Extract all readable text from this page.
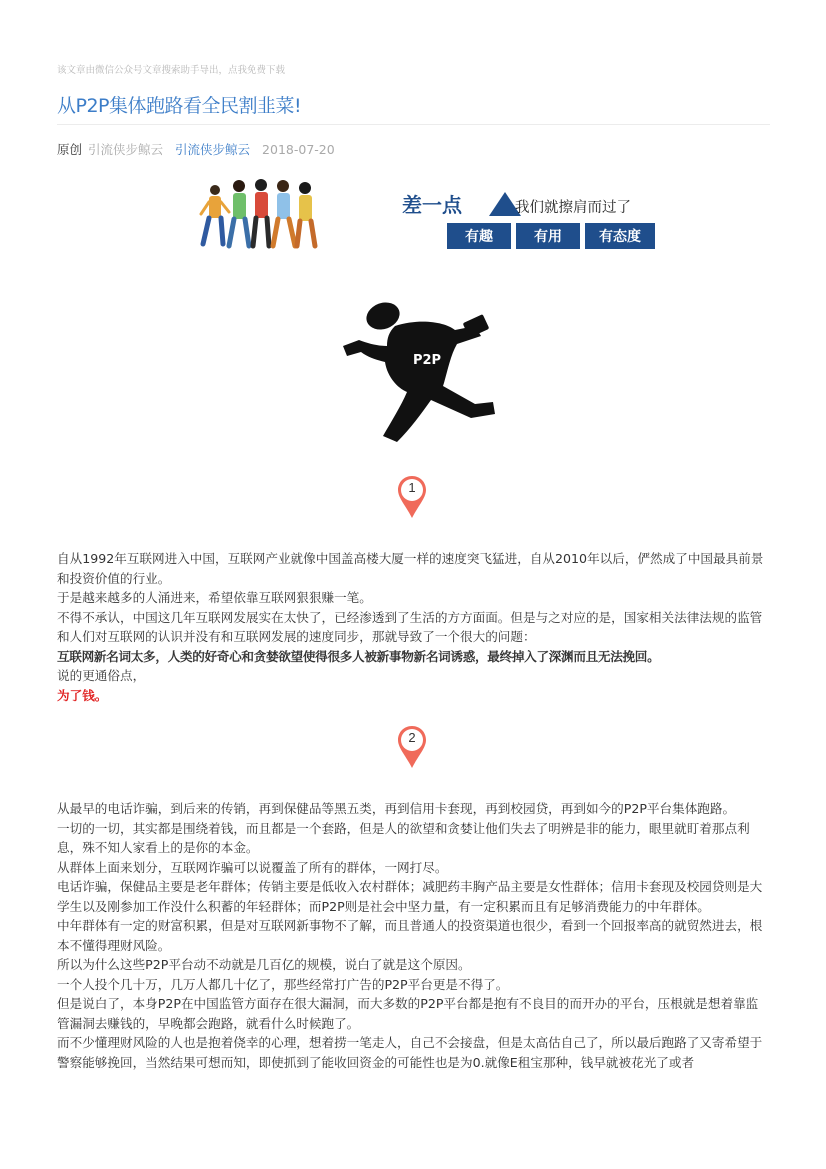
该文章由微信公众号文章搜索助手导出，点我免费下载
从P2P集体跑路看全民割韭菜!
原创 引流侠步鲸云 引流侠步鲸云 2018-07-20
差一点	我们就擦肩而过了
有趣	有用	有态度
P2P
1

自从1992年互联网进入中国，互联网产业就像中国盖高楼大厦一样的速度突飞猛进，自从2010年以后，俨然成了中国最具前景和投资价值的行业。

于是越来越多的人涌进来，希望依靠互联网狠狠赚一笔。

不得不承认，中国这几年互联网发展实在太快了，已经渗透到了生活的方方面面。但是与之对应的是，国家相关法律法规的监管和人们对互联网的认识并没有和互联网发展的速度同步，那就导致了一个很大的问题：

互联网新名词太多，人类的好奇心和贪婪欲望使得很多人被新事物新名词诱惑，最终掉入了深渊而且无法挽回。

说的更通俗点，

为了钱。

2

从最早的电话诈骗，到后来的传销，再到保健品等黑五类，再到信用卡套现，再到校园贷，再到如今的P2P平台集体跑路。

一切的一切，其实都是围绕着钱，而且都是一个套路，但是人的欲望和贪婪让他们失去了明辨是非的能力，眼里就盯着那点利息，殊不知人家看上的是你的本金。

从群体上面来划分，互联网诈骗可以说覆盖了所有的群体，一网打尽。

电话诈骗，保健品主要是老年群体；传销主要是低收入农村群体；减肥药丰胸产品主要是女性群体；信用卡套现及校园贷则是大学生以及刚参加工作没什么积蓄的年轻群体；而P2P则是社会中坚力量，有一定积累而且有足够消费能力的中年群体。

中年群体有一定的财富积累，但是对互联网新事物不了解，而且普通人的投资渠道也很少，看到一个回报率高的就贸然进去，根本不懂得理财风险。

所以为什么这些P2P平台动不动就是几百亿的规模，说白了就是这个原因。

一个人投个几十万，几万人都几十亿了，那些经常打广告的P2P平台更是不得了。

但是说白了，本身P2P在中国监管方面存在很大漏洞，而大多数的P2P平台都是抱有不良目的而开办的平台，压根就是想着靠监管漏洞去赚钱的，早晚都会跑路，就看什么时候跑了。

而不少懂理财风险的人也是抱着侥幸的心理，想着捞一笔走人，自己不会接盘，但是太高估自己了，所以最后跑路了又寄希望于警察能够挽回，当然结果可想而知，即使抓到了能收回资金的可能性也是为0.就像E租宝那种，钱早就被花光了或者
